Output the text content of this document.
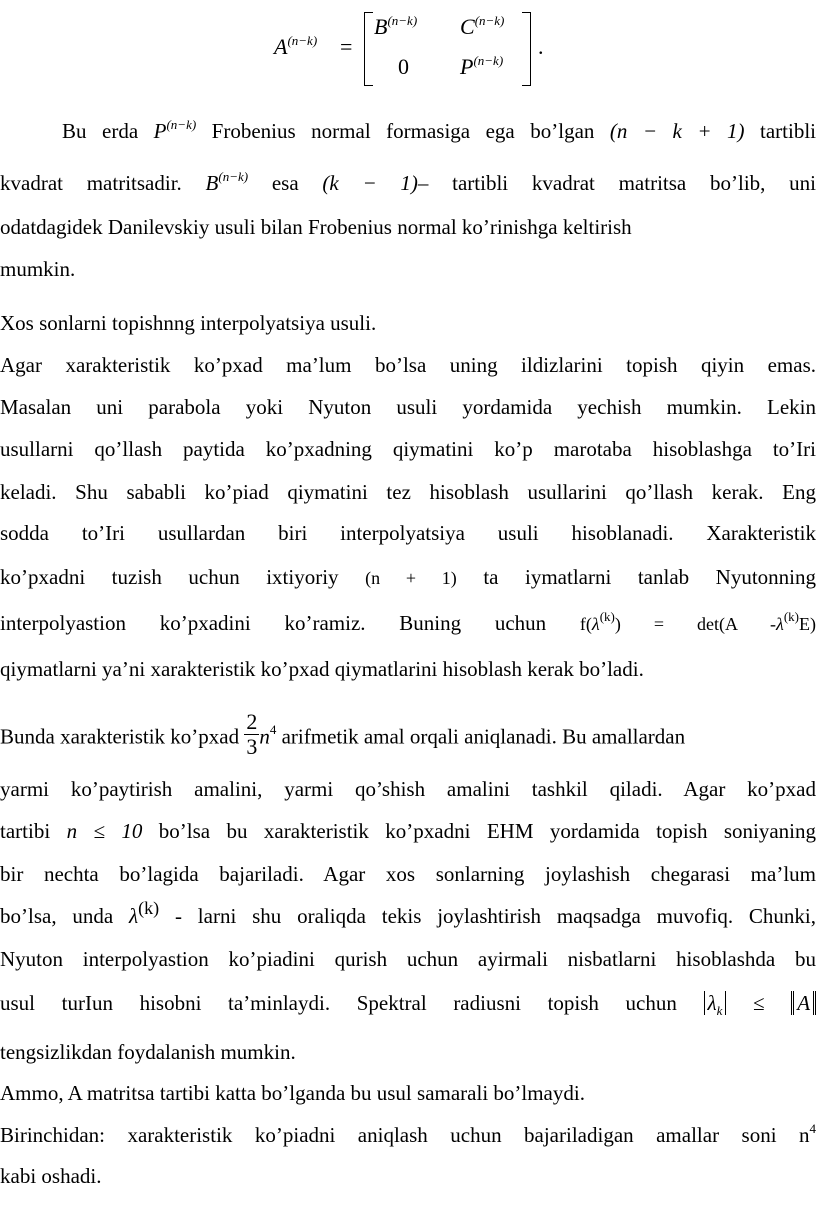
$A^{(n-k)}$ =
$B^{(n-k)}$ $C^{(n-k)}$
0 $P^{(n-k)}$
.
Bu erda $P^{(n-k)}$ Frobenius normal formasiga ega bo’lgan (n − k + 1) tartibli
kvadrat matritsadir. $B^{(n-k)}$ esa (k − 1)– tartibli kvadrat matritsa bo’lib, uni
odatdagidek Danilevskiy usuli bilan Frobenius normal ko’rinishga keltirish
mumkin.
Xos sonlarni topishnng interpolyatsiya usuli.
Agar xarakteristik ko’pxad ma’lum bo’lsa uning ildizlarini topish qiyin emas.
Masalan uni parabola yoki Nyuton usuli yordamida yechish mumkin. Lekin
usullarni qo’llash paytida ko’pxadning qiymatini ko’p marotaba hisoblashga to’Iri
keladi. Shu sababli ko’piad qiymatini tez hisoblash usullarini qo’llash kerak. Eng
sodda to’Iri usullardan biri interpolyatsiya usuli hisoblanadi. Xarakteristik
ko’pxadni tuzish uchun ixtiyoriy (n + 1) ta iymatlarni tanlab Nyutonning
interpolyastion ko’pxadini ko’ramiz. Buning uchun $f(\lambda^{(k)}) = \det(A$ $-\lambda^{(k)}E$)
qiymatlarni ya’ni xarakteristik ko’pxad qiymatlarini hisoblash kerak bo’ladi.
Bunda xarakteristik ko’pxad $\frac{2}{3} n^4$ arifmetik amal orqali aniqlanadi. Bu amallardan
yarmi ko’paytirish amalini, yarmi qo’shish amalini tashkil qiladi. Agar ko’pxad
tartibi n ≤ 10 bo’lsa bu xarakteristik ko’pxadni EHM yordamida topish soniyaning
bir nechta bo’lagida bajariladi. Agar xos sonlarning joylashish chegarasi ma’lum
bo’lsa, unda λ(k) - larni shu oraliqda tekis joylashtirish maqsadga muvofiq. Chunki,
Nyuton interpolyastion ko’piadini qurish uchun ayirmali nisbatlarni hisoblashda bu
usul turIun hisobni ta’minlaydi. Spektral radiusni topish uchun $\lambda_k \le A$
tengsizlikdan foydalanish mumkin.
Ammo, A matritsa tartibi katta bo’lganda bu usul samarali bo’lmaydi.
Birinchidan: xarakteristik ko’piadni aniqlash uchun bajariladigan amallar soni $n^4$
kabi oshadi.
